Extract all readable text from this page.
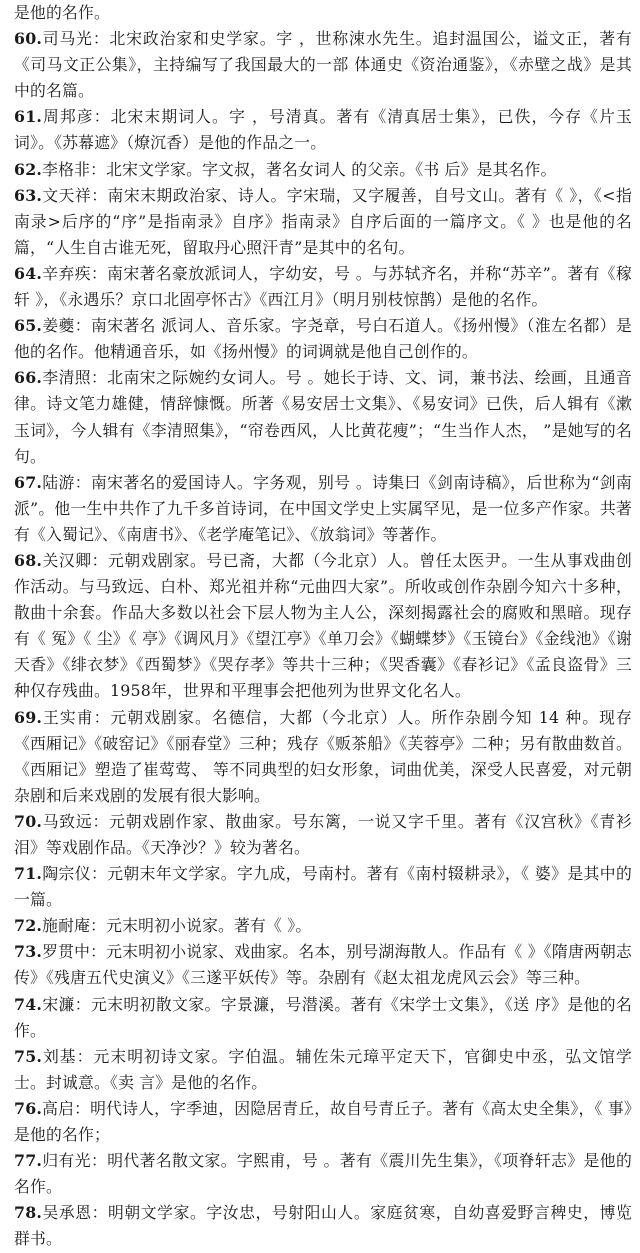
是他的名作。

60.司马光：北宋政治家和史学家。字 ，世称涑水先生。追封温国公，谥文正，著有《司马文正公集》，主持编写了我国最大的一部 体通史《资治通鉴》，《赤壁之战》是其中的名篇。

61.周邦彦：北宋末期词人。字 ，号清真。著有《清真居士集》，已佚，今存《片玉词》。《苏幕遮》（燎沉香）是他的作品之一。

62.李格非：北宋文学家。字文叔，著名女词人 的父亲。《书 后》是其名作。

63.文天祥：南宋末期政治家、诗人。字宋瑞，又字履善，自号文山。著有《 》，《<指南录>后序的“序”是指南录》自序》指南录》自序后面的一篇序文。《 》也是他的名篇，“人生自古谁无死，留取丹心照汗青”是其中的名句。

64.辛弃疾：南宋著名豪放派词人，字幼安，号 。与苏轼齐名，并称“苏辛”。著有《稼轩 》，《永遇乐？京口北固亭怀古》《西江月》（明月别枝惊鹊）是他的名作。

65.姜夔：南宋著名 派词人、音乐家。字尧章，号白石道人。《扬州慢》（淮左名都）是他的名作。他精通音乐，如《扬州慢》的词调就是他自己创作的。

66.李清照：北南宋之际婉约女词人。号 。她长于诗、文、词，兼书法、绘画，且通音律。诗文笔力雄健，情辞慷慨。所著《易安居士文集》、《易安词》已佚，后人辑有《漱玉词》，今人辑有《李清照集》，“帘卷西风，人比黄花瘦”；“生当作人杰， ”是她写的名句。

67.陆游：南宋著名的爱国诗人。字务观，别号 。诗集曰《剑南诗稿》，后世称为“剑南派”。他一生中共作了九千多首诗词，在中国文学史上实属罕见，是一位多产作家。共著有《入蜀记》、《南唐书》、《老学庵笔记》、《放翁词》等著作。

68.关汉卿：元朝戏剧家。号已斋，大都（今北京）人。曾任太医尹。一生从事戏曲创作活动。与马致远、白朴、郑光祖并称“元曲四大家”。所收或创作杂剧今知六十多种，散曲十余套。作品大多数以社会下层人物为主人公，深刻揭露社会的腐败和黑暗。现存有《 冤》《 尘》《 亭》《调风月》《望江亭》《单刀会》《蝴蝶梦》《玉镜台》《金线池》《谢天香》《绯衣梦》《西蜀梦》《哭存孝》等共十三种；《哭香囊》《春衫记》《孟良盗骨》三种仅存残曲。1958年，世界和平理事会把他列为世界文化名人。

69.王实甫：元朝戏剧家。名德信，大都（今北京）人。所作杂剧今知 14 种。现存《西厢记》《破窑记》《丽春堂》三种；残存《贩茶船》《芙蓉亭》二种；另有散曲数首。《西厢记》塑造了崔莺莺、 等不同典型的妇女形象，词曲优美，深受人民喜爱，对元朝杂剧和后来戏剧的发展有很大影响。

70.马致远：元朝戏剧作家、散曲家。号东篱，一说又字千里。著有《汉宫秋》《青衫泪》等戏剧作品。《天净沙？》较为著名。

71.陶宗仪：元朝末年文学家。字九成，号南村。著有《南村辍耕录》，《 婆》是其中的一篇。

72.施耐庵：元末明初小说家。著有《 》。

73.罗贯中：元末明初小说家、戏曲家。名本，别号湖海散人。作品有《 》《隋唐两朝志传》《残唐五代史演义》《三遂平妖传》等。杂剧有《赵太祖龙虎风云会》等三种。

74.宋濂：元末明初散文家。字景濂，号潜溪。著有《宋学士文集》，《送 序》是他的名作。

75.刘基：元末明初诗文家。字伯温。辅佐朱元璋平定天下，官御史中丞，弘文馆学士。封诚意。《卖 言》是他的名作。

76.高启：明代诗人，字季迪，因隐居青丘，故自号青丘子。著有《高太史全集》，《 事》是他的名作；

77.归有光：明代著名散文家。字熙甫，号 。著有《震川先生集》，《项脊轩志》是他的名作。

78.吴承恩：明朝文学家。字汝忠，号射阳山人。家庭贫寒，自幼喜爱野言稗史，博览群书。
